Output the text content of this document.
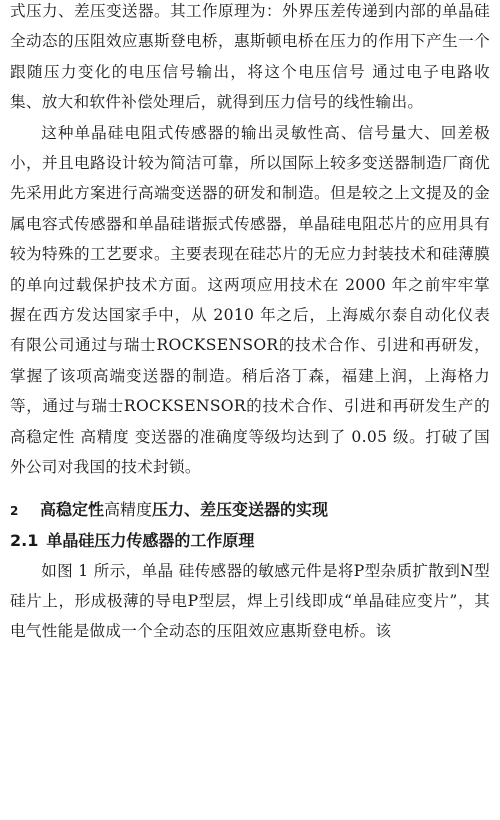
式压力、差压变送器。其工作原理为：外界压差传递到内部的单晶硅 全动态的压阻效应惠斯登电桥，惠斯顿电桥在压力的作用下产生一个跟随压力变化的电压信号输出，将这个电压信号 通过电子电路收集、放大和软件补偿处理后，就得到压力信号的线性输出。

这种单晶硅电阻式传感器的输出灵敏性高、信号量大、回差极小，并且电路设计较为简洁可靠，所以国际上较多变送器制造厂商优先采用此方案进行高端变送器的研发和制造。但是较之上文提及的金属电容式传感器和单晶硅谐振式传感器，单晶硅电阻芯片的应用具有较为特殊的工艺要求。主要表现在硅芯片的无应力封装技术和硅薄膜的单向过载保护技术方面。这两项应用技术在 2000 年之前牢牢掌握在西方发达国家手中，从 2010 年之后，上海威尔泰自动化仪表有限公司通过与瑞士ROCKSENSOR的技术合作、引进和再研发，掌握了该项高端变送器的制造。稍后洛丁森，福建上润，上海格力等，通过与瑞士ROCKSENSOR的技术合作、引进和再研发生产的高稳定性 高精度 变送器的准确度等级均达到了 0.05 级。打破了国外公司对我国的技术封锁。

2 高稳定性高精度压力、差压变送器的实现

2.1 单晶硅压力传感器的工作原理

如图 1 所示，单晶 硅传感器的敏感元件是将P型杂质扩散到N型硅片上，形成极薄的导电P型层，焊上引线即成“单晶硅应变片”，其电气性能是做成一个全动态的压阻效应惠斯登电桥。该
